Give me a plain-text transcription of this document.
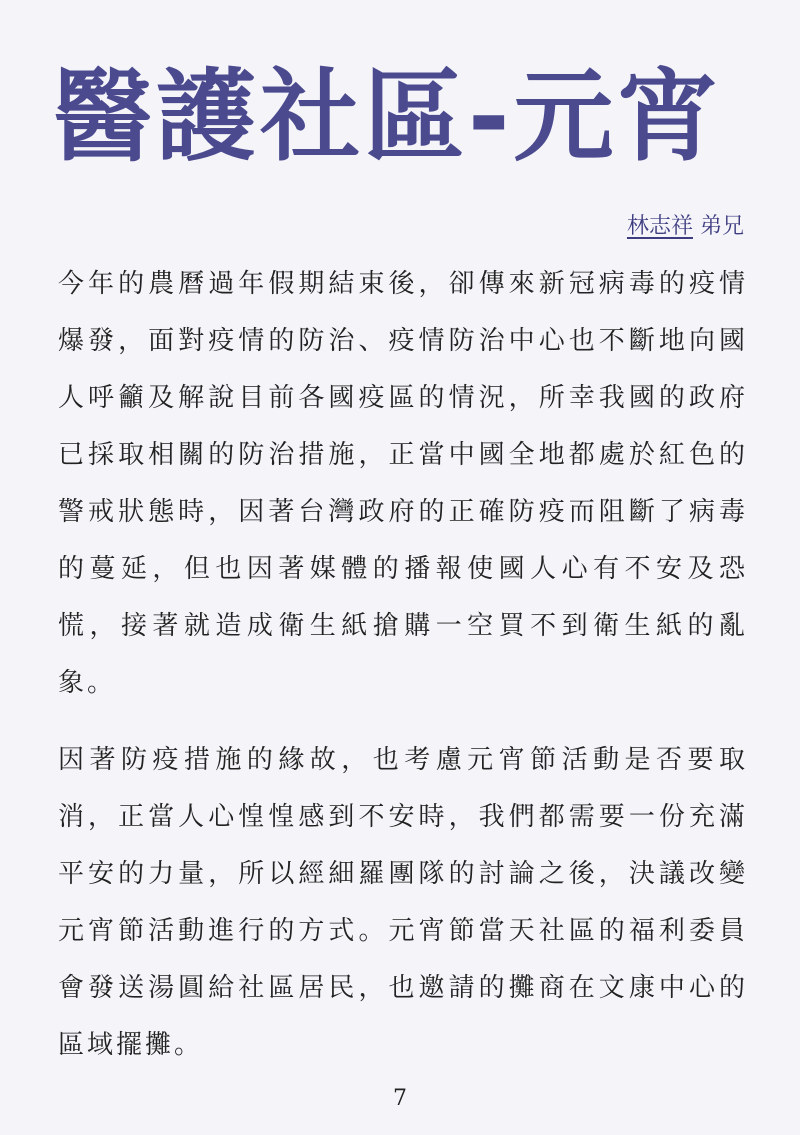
醫護社區-元宵
林志祥 弟兄

今年的農曆過年假期結束後，卻傳來新冠病毒的疫情爆發，面對疫情的防治、疫情防治中心也不斷地向國人呼籲及解說目前各國疫區的情況，所幸我國的政府已採取相關的防治措施，正當中國全地都處於紅色的警戒狀態時，因著台灣政府的正確防疫而阻斷了病毒的蔓延，但也因著媒體的播報使國人心有不安及恐慌，接著就造成衛生紙搶購一空買不到衛生紙的亂象。

因著防疫措施的緣故，也考慮元宵節活動是否要取消，正當人心惶惶感到不安時，我們都需要一份充滿平安的力量，所以經細羅團隊的討論之後，決議改變元宵節活動進行的方式。元宵節當天社區的福利委員會發送湯圓給社區居民，也邀請的攤商在文康中心的區域擺攤。

7
